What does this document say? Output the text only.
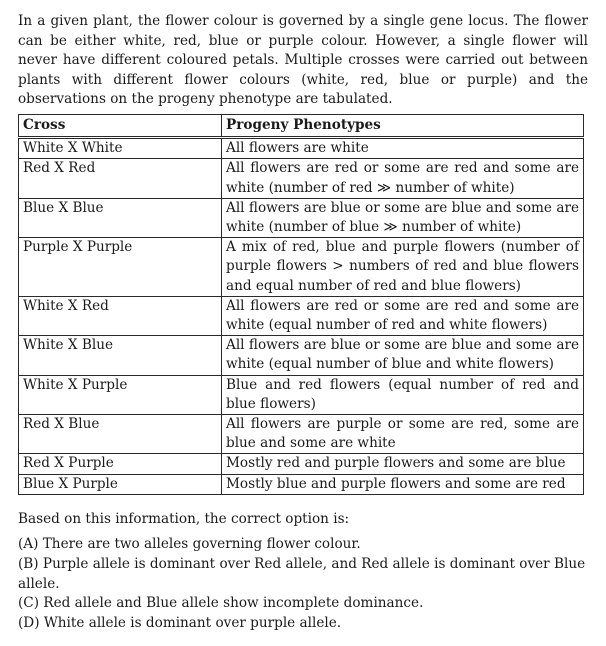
In a given plant, the flower colour is governed by a single gene locus. The flower can be either white, red, blue or purple colour. However, a single flower will never have different coloured petals. Multiple crosses were carried out between plants with different flower colours (white, red, blue or purple) and the observations on the progeny phenotype are tabulated.

Cross	Progeny Phenotypes
White X White	All flowers are white
Red X Red	All flowers are red or some are red and some are white (number of red ≫ number of white)
Blue X Blue	All flowers are blue or some are blue and some are white (number of blue ≫ number of white)
Purple X Purple	A mix of red, blue and purple flowers (number of purple flowers > numbers of red and blue flowers and equal number of red and blue flowers)
White X Red	All flowers are red or some are red and some are white (equal number of red and white flowers)
White X Blue	All flowers are blue or some are blue and some are white (equal number of blue and white flowers)
White X Purple	Blue and red flowers (equal number of red and blue flowers)
Red X Blue	All flowers are purple or some are red, some are blue and some are white
Red X Purple	Mostly red and purple flowers and some are blue
Blue X Purple	Mostly blue and purple flowers and some are red

Based on this information, the correct option is:

(A) There are two alleles governing flower colour.

(B) Purple allele is dominant over Red allele, and Red allele is dominant over Blue allele.

(C) Red allele and Blue allele show incomplete dominance.

(D) White allele is dominant over purple allele.
